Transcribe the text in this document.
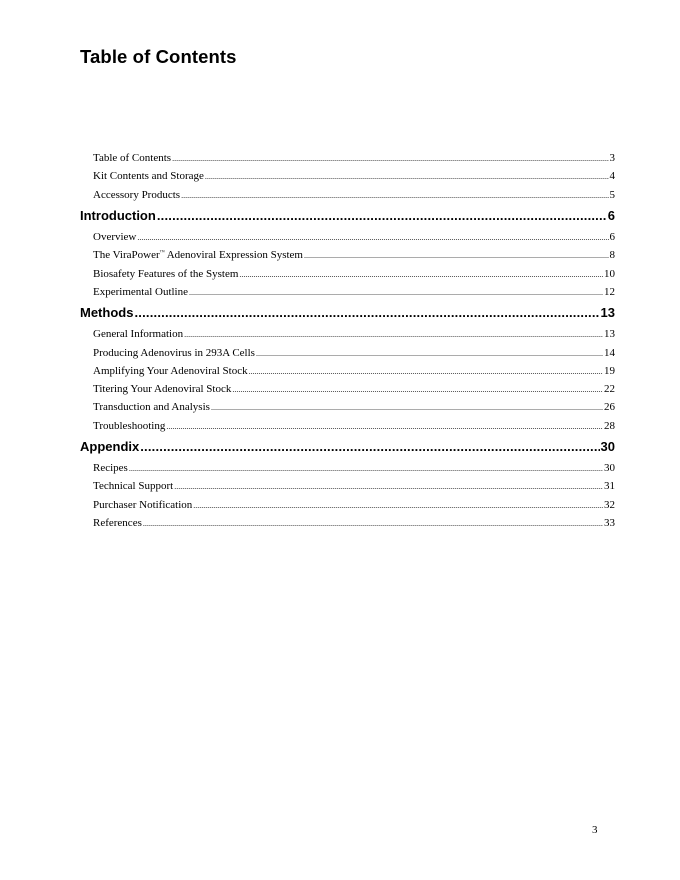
Table of Contents
Table of Contents .....	3
Kit Contents and Storage .....	4
Accessory Products .....	5
Introduction .....	6
Overview .....	6
The ViraPower™ Adenoviral Expression System .....	8
Biosafety Features of the System .....	10
Experimental Outline .....	12
Methods .....	13
General Information .....	13
Producing Adenovirus in 293A Cells .....	14
Amplifying Your Adenoviral Stock .....	19
Titering Your Adenoviral Stock .....	22
Transduction and Analysis .....	26
Troubleshooting .....	28
Appendix .....	30
Recipes .....	30
Technical Support .....	31
Purchaser Notification .....	32
References .....	33
3
